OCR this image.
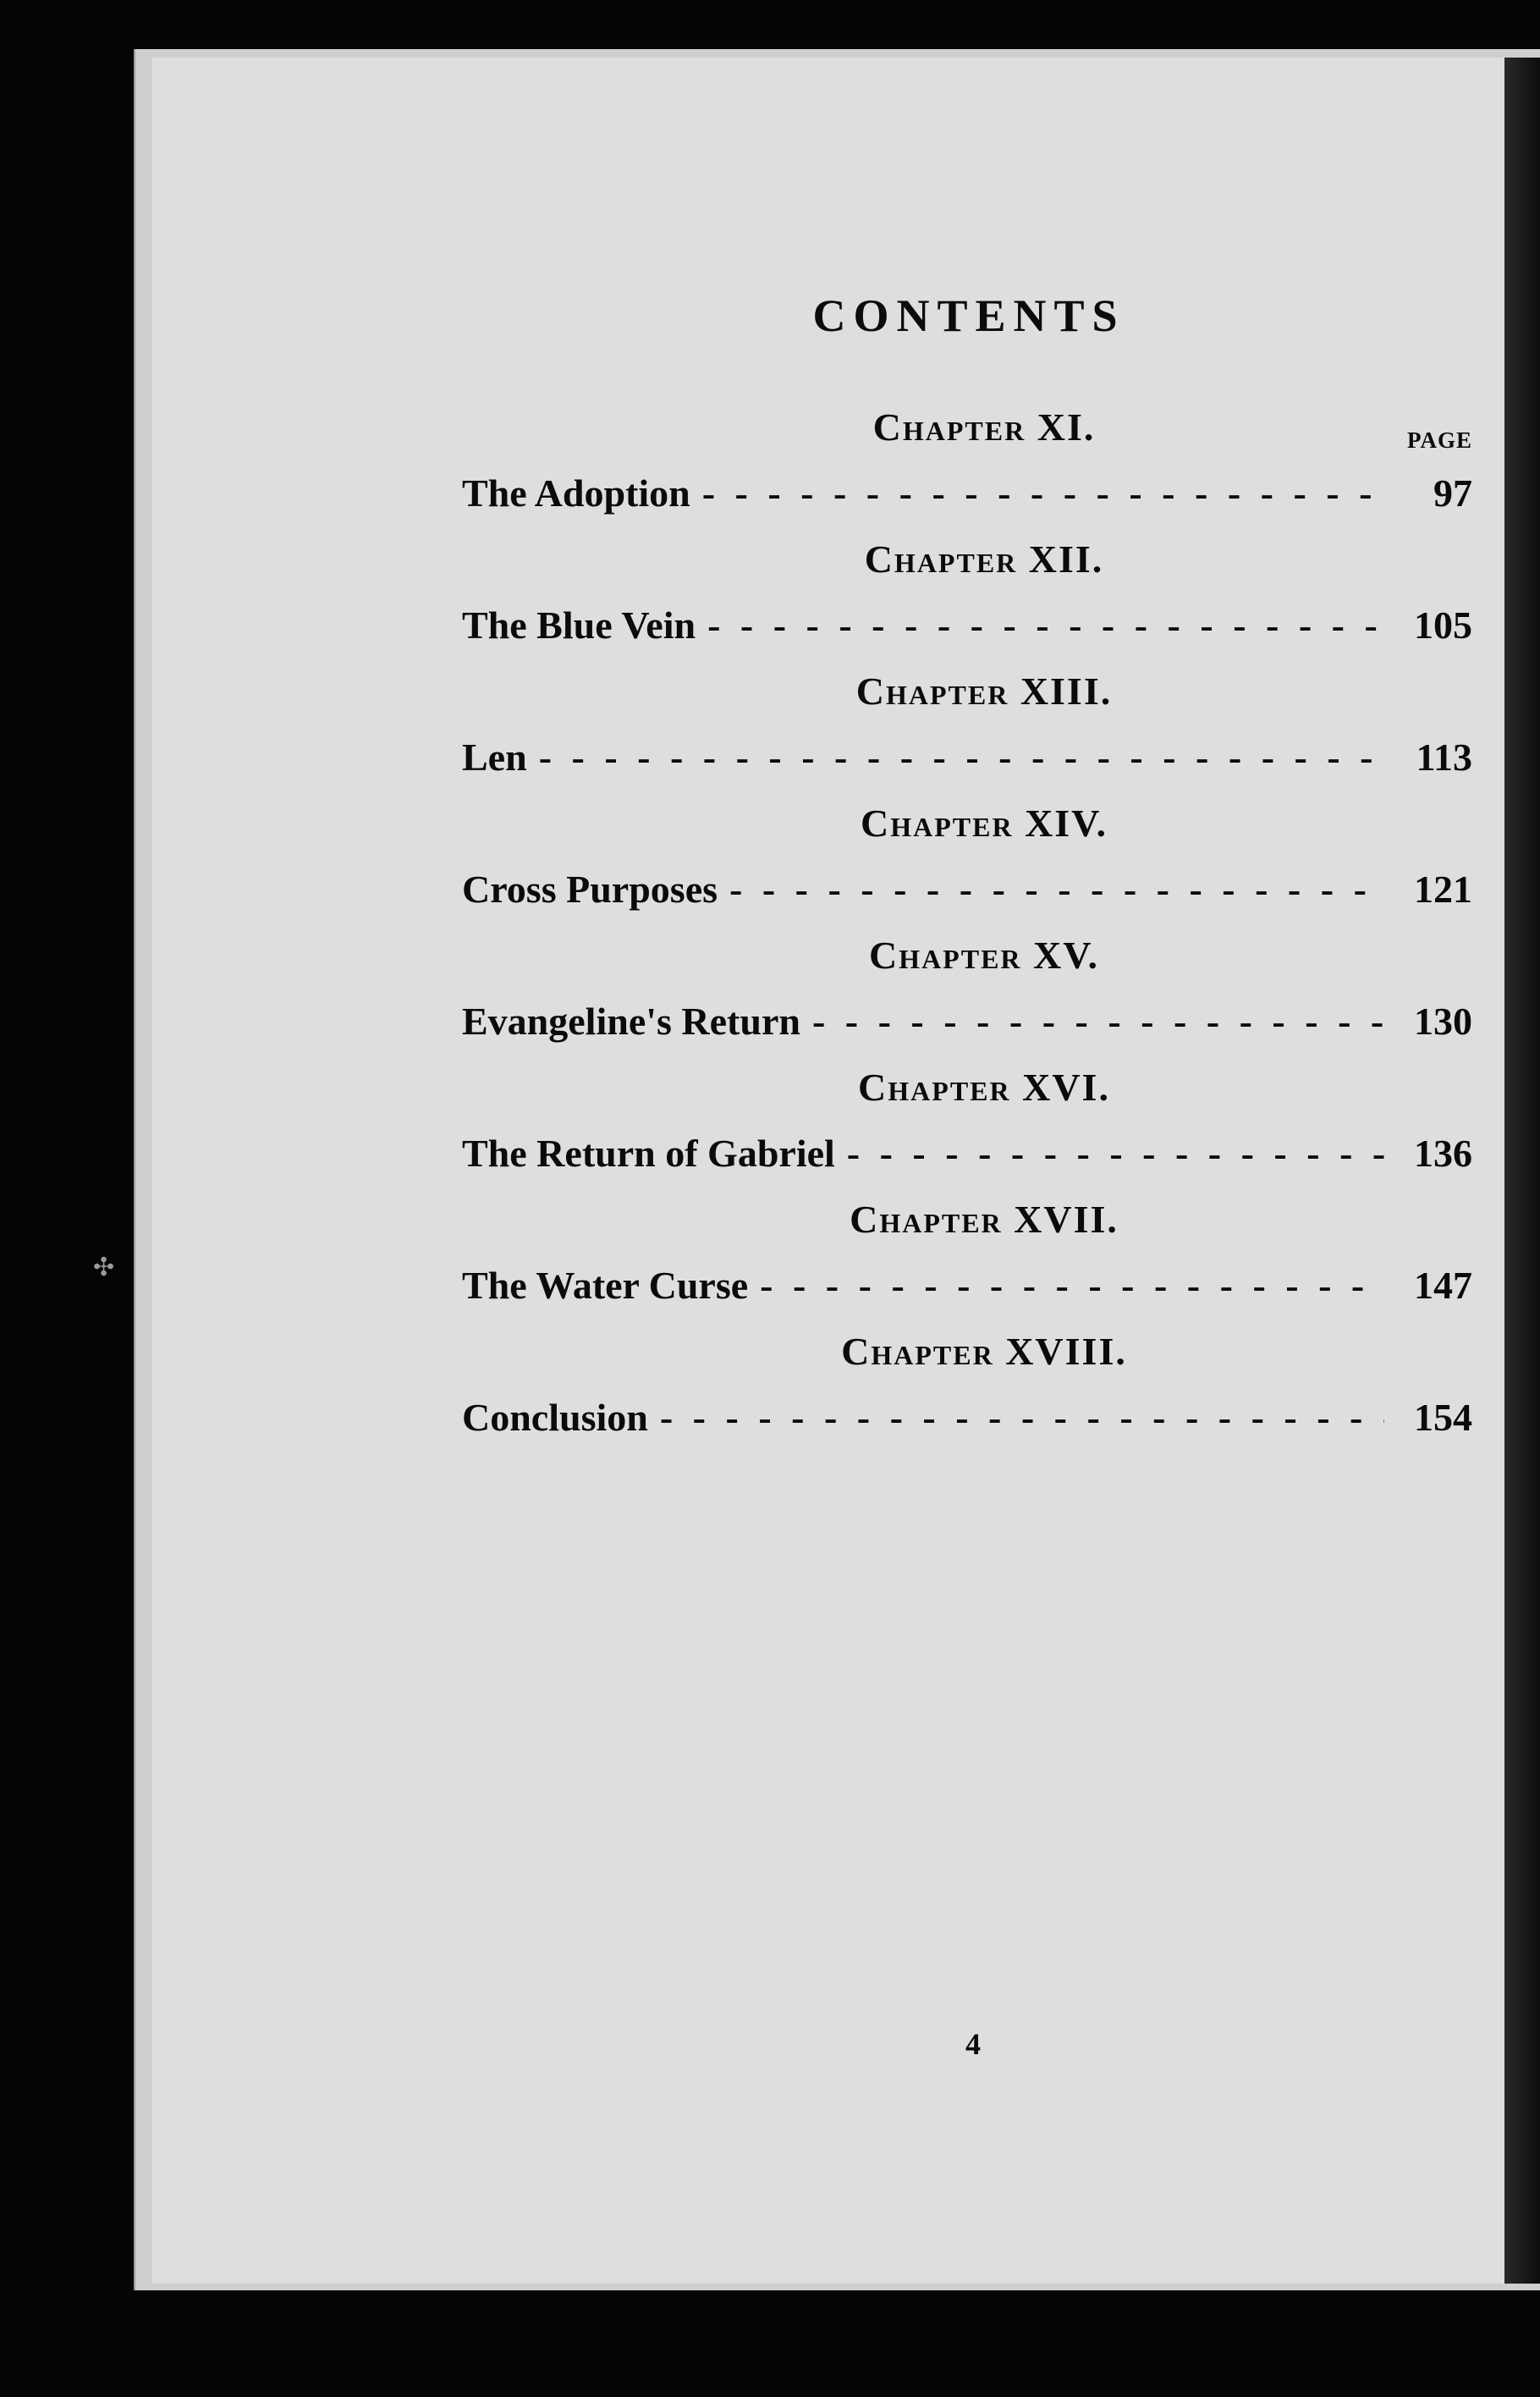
✣
CONTENTS
PAGE
Chapter XI.
The Adoption - -	97
Chapter XII.
The Blue Vein - -	105
Chapter XIII.
Len - -	113
Chapter XIV.
Cross Purposes - -	121
Chapter XV.
Evangeline's Return - -	130
Chapter XVI.
The Return of Gabriel - -	136
Chapter XVII.
The Water Curse - -	147
Chapter XVIII.
Conclusion - -	154
4
